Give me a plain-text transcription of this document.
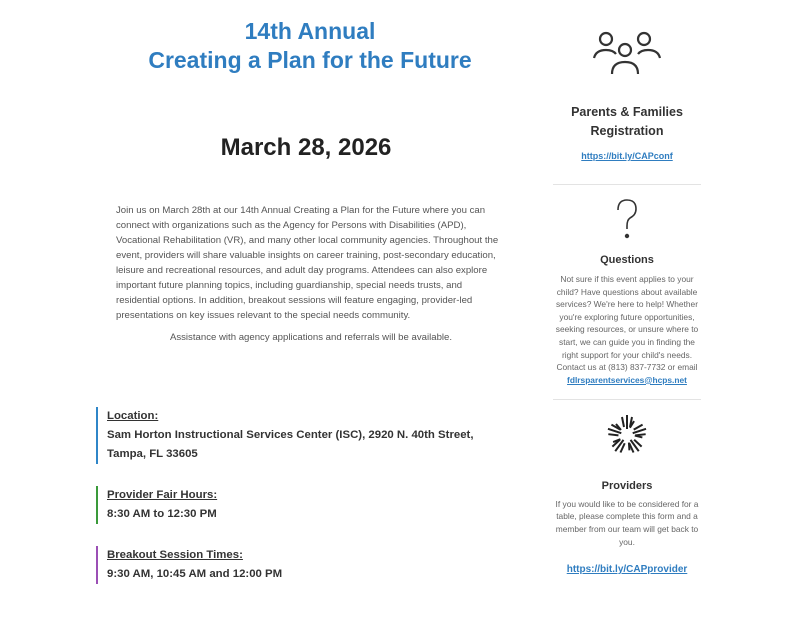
14th Annual
Creating a Plan for the Future
March 28, 2026
Join us on March 28th at our 14th Annual Creating a Plan for the Future where you can connect with organizations such as the Agency for Persons with Disabilities (APD), Vocational Rehabilitation (VR), and many other local community agencies. Throughout the event, providers will share valuable insights on career training, post-secondary education, leisure and recreational resources, and adult day programs. Attendees can also explore important future planning topics, including guardianship, special needs trusts, and residential options. In addition, breakout sessions will feature engaging, provider-led presentations on key issues relevant to the special needs community.
Assistance with agency applications and referrals will be available.
Location:
Sam Horton Instructional Services Center (ISC), 2920 N. 40th Street, Tampa, FL 33605
Provider Fair Hours:
8:30 AM to 12:30 PM
Breakout Session Times:
9:30 AM, 10:45 AM and 12:00 PM
Parents & Families Registration
https://bit.ly/CAPconf
Questions

Not sure if this event applies to your child? Have questions about available services? We're here to help! Whether you're exploring future opportunities, seeking resources, or unsure where to start, we can guide you in finding the right support for your child's needs. Contact us at (813) 837-7732 or email

fdlrsparentservices@hcps.net
Providers

If you would like to be considered for a table, please complete this form and a member from our team will get back to you.

https://bit.ly/CAPprovider
